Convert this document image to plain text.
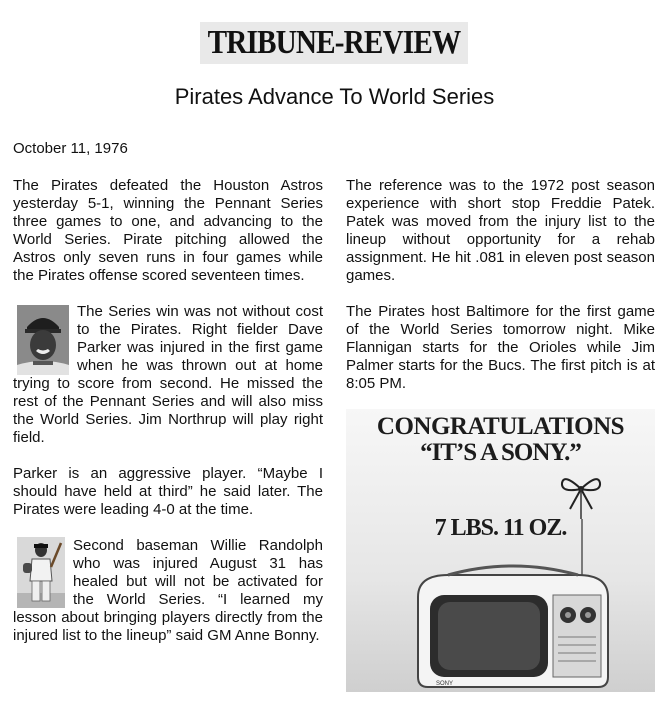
TRIBUNE-REVIEW
Pirates Advance To World Series
October 11, 1976

The Pirates defeated the Houston Astros yesterday 5-1, winning the Pennant Series three games to one, and advancing to the World Series. Pirate pitching allowed the Astros only seven runs in four games while the Pirates offense scored seventeen times.

The Series win was not without cost to the Pirates. Right fielder Dave Parker was injured in the first game when he was thrown out at home trying to score from second. He missed the rest of the Pennant Series and will also miss the World Series. Jim Northrup will play right field.

Parker is an aggressive player. “Maybe I should have held at third” he said later. The Pirates were leading 4-0 at the time.

Second baseman Willie Randolph who was injured August 31 has healed but will not be activated for the World Series. “I learned my lesson about bringing players directly from the injured list to the lineup” said GM Anne Bonny.

The reference was to the 1972 post season experience with short stop Freddie Patek. Patek was moved from the injury list to the lineup without opportunity for a rehab assignment. He hit .081 in eleven post season games.

The Pirates host Baltimore for the first game of the World Series tomorrow night. Mike Flannigan starts for the Orioles while Jim Palmer starts for the Bucs. The first pitch is at 8:05 PM.

CONGRATULATIONS
“IT’S A SONY.”
7 LBS. 11 OZ.
SONY
